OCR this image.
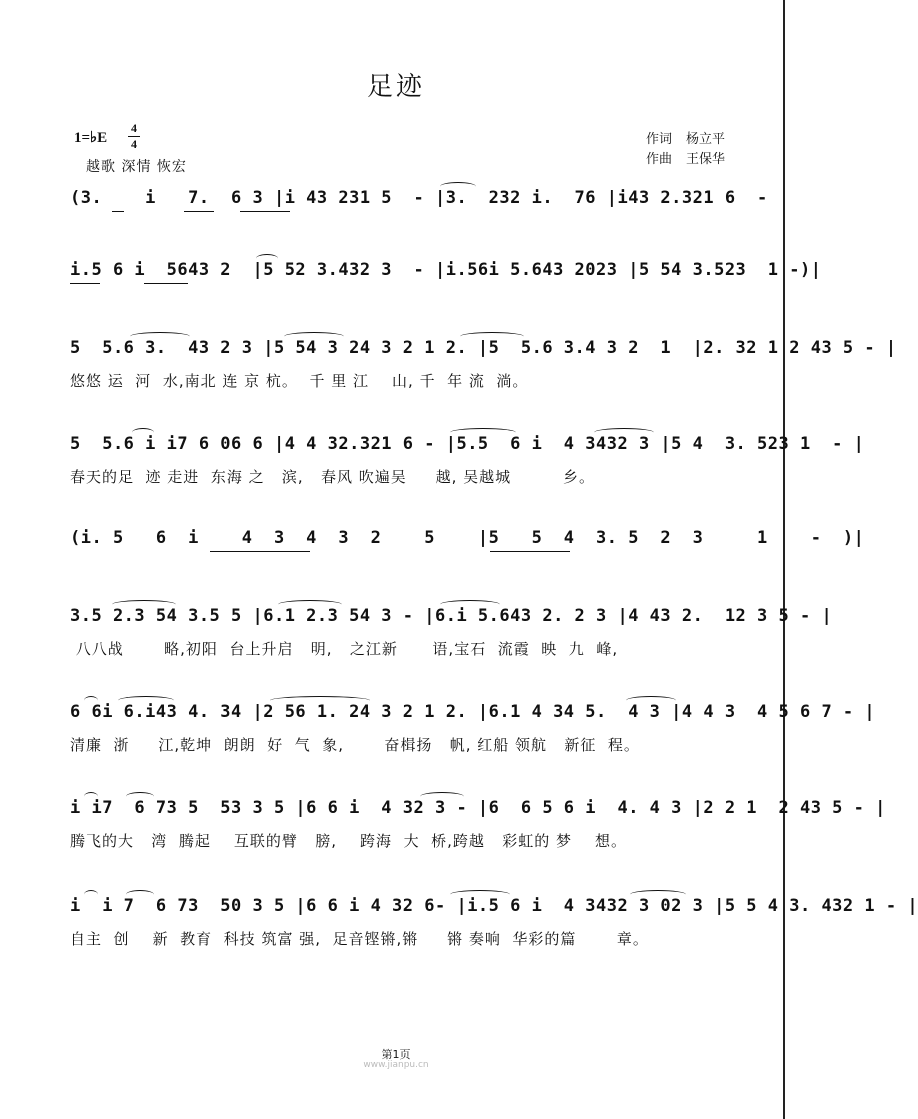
足迹
1=♭E
4
4
越歌 深情 恢宏
作词 杨立平
作曲 王保华
(3.    i   7.  6 3 |i 43 231 5  - |3.  232 i.  76 |i43 2.321 6  -
i.5 6 i  5643 2  |5 52 3.432 3  - |i.56i 5.643 2023 |5 54 3.523  1 -)|
5  5.6 3.  43 2 3 |5 54 3 24 3 2 1 2. |5  5.6 3.4 3 2  1  |2. 32 1 2 43 5 - |
悠悠 运  河  水,南北 连 京 杭。  千 里 江    山, 千  年 流  淌。
5  5.6 i i7 6 06 6 |4 4 32.321 6 - |5.5  6 i  4 3432 3 |5 4  3. 523 1  - |
春天的足  迹 走进  东海 之   滨,   春风 吹遍吴     越, 吴越城         乡。
(i. 5   6  i    4  3  4  3  2    5    |5   5  4  3. 5  2  3     1    -  )|
3.5 2.3 54 3.5 5 |6.1 2.3 54 3 - |6.i 5.643 2. 2 3 |4 43 2.  12 3 5 - |
八八战       略,初阳  台上升启   明,   之江新      语,宝石  流霞  映  九  峰,
6 6i 6.i43 4. 34 |2 56 1. 24 3 2 1 2. |6.1 4 34 5.  4 3 |4 4 3  4 5 6 7 - |
清廉  浙     江,乾坤  朗朗  好  气  象,       奋楫扬   帆, 红船 领航   新征  程。
i i7  6 73 5  53 3 5 |6 6 i  4 32 3 - |6  6 5 6 i  4. 4 3 |2 2 1  2 43 5 - |
腾飞的大   湾  腾起    互联的臂   膀,    跨海  大  桥,跨越   彩虹的 梦    想。
i  i 7  6 73  50 3 5 |6 6 i 4 32 6- |i.5 6 i  4 3432 3 02 3 |5 5 4 3. 432 1 - |
自主  创    新  教育  科技 筑富 强,  足音铿锵,锵     锵 奏响  华彩的篇       章。
第1页
www.jianpu.cn
